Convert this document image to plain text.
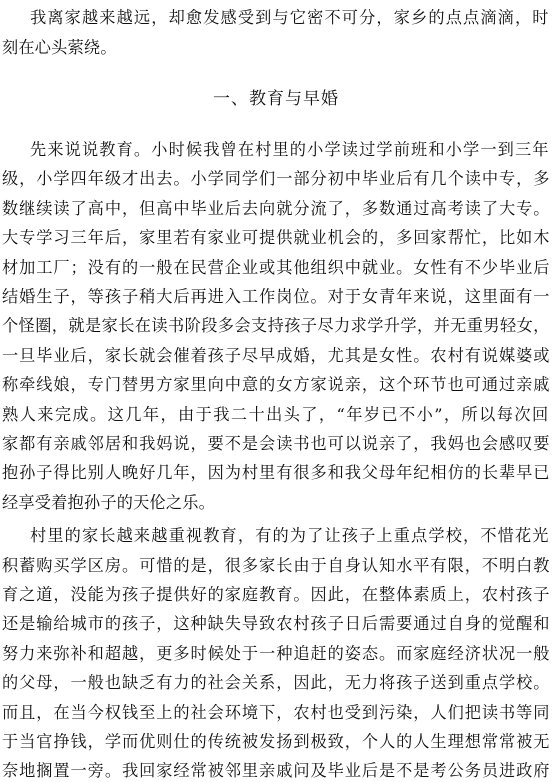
我离家越来越远，却愈发感受到与它密不可分，家乡的点点滴滴，时
刻在心头萦绕。
一、教育与早婚
先来说说教育。小时候我曾在村里的小学读过学前班和小学一到三年
级，小学四年级才出去。小学同学们一部分初中毕业后有几个读中专，多
数继续读了高中，但高中毕业后去向就分流了，多数通过高考读了大专。
大专学习三年后，家里若有家业可提供就业机会的，多回家帮忙，比如木
材加工厂；没有的一般在民营企业或其他组织中就业。女性有不少毕业后
结婚生子，等孩子稍大后再进入工作岗位。对于女青年来说，这里面有一
个怪圈，就是家长在读书阶段多会支持孩子尽力求学升学，并无重男轻女，
一旦毕业后，家长就会催着孩子尽早成婚，尤其是女性。农村有说媒婆或
称牵线娘，专门替男方家里向中意的女方家说亲，这个环节也可通过亲戚
熟人来完成。这几年，由于我二十出头了，“年岁已不小”，所以每次回
家都有亲戚邻居和我妈说，要不是会读书也可以说亲了，我妈也会感叹要
抱孙子得比别人晚好几年，因为村里有很多和我父母年纪相仿的长辈早已
经享受着抱孙子的天伦之乐。
村里的家长越来越重视教育，有的为了让孩子上重点学校，不惜花光
积蓄购买学区房。可惜的是，很多家长由于自身认知水平有限，不明白教
育之道，没能为孩子提供好的家庭教育。因此，在整体素质上，农村孩子
还是输给城市的孩子，这种缺失导致农村孩子日后需要通过自身的觉醒和
努力来弥补和超越，更多时候处于一种追赶的姿态。而家庭经济状况一般
的父母，一般也缺乏有力的社会关系，因此，无力将孩子送到重点学校。
而且，在当今权钱至上的社会环境下，农村也受到污染，人们把读书等同
于当官挣钱，学而优则仕的传统被发扬到极致，个人的人生理想常常被无
奈地搁置一旁。我回家经常被邻里亲戚问及毕业后是不是考公务员进政府
